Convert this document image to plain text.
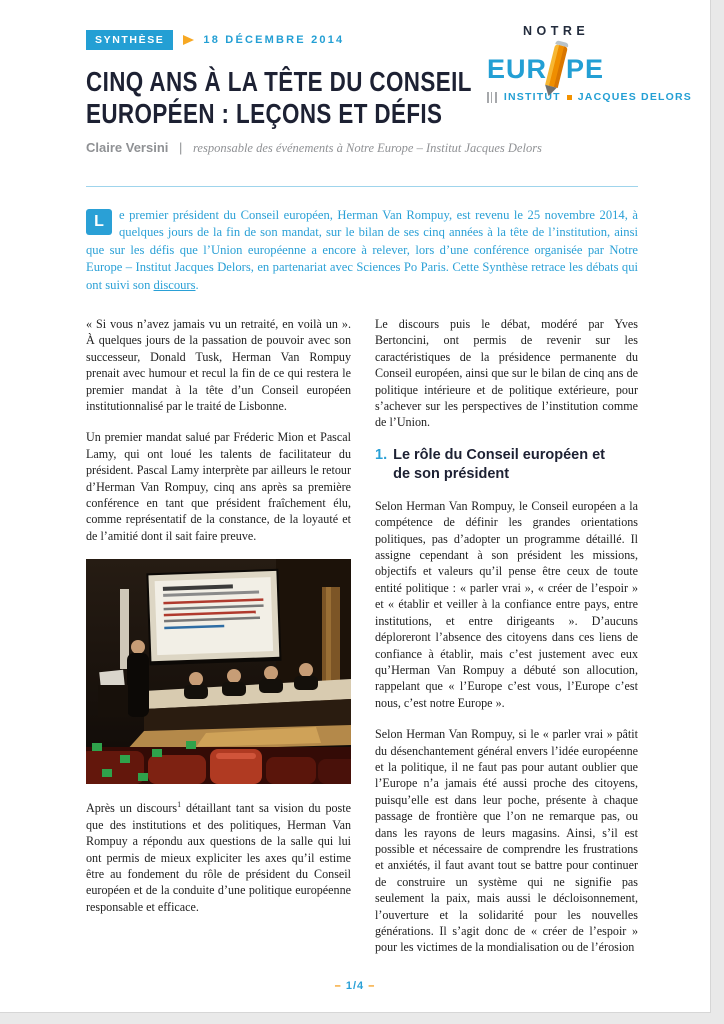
NOTRE
EUR PE
INSTITUT JACQUES DELORS
SYNTHÈSE	18 DÉCEMBRE 2014
CINQ ANS À LA TÊTE DU CONSEIL
EUROPÉEN : LEÇONS ET DÉFIS
Claire Versini | responsable des événements à Notre Europe – Institut Jacques Delors
L	e premier président du Conseil européen, Herman Van Rompuy, est revenu le 25 novembre 2014, à quelques jours de la fin de son mandat, sur le bilan de ses cinq années à la tête de l’institution, ainsi que sur les défis que l’Union européenne a encore à relever, lors d’une conférence organisée par Notre Europe – Institut Jacques Delors, en partenariat avec Sciences Po Paris. Cette Synthèse retrace les débats qui ont suivi son discours.

« Si vous n’avez jamais vu un retraité, en voilà un ». À quelques jours de la passation de pouvoir avec son successeur, Donald Tusk, Herman Van Rompuy prenait avec humour et recul la fin de ce qui restera le premier mandat à la tête d’un Conseil européen institutionnalisé par le traité de Lisbonne.

Un premier mandat salué par Fréderic Mion et Pascal Lamy, qui ont loué les talents de facilitateur du président. Pascal Lamy interprète par ailleurs le retour d’Herman Van Rompuy, cinq ans après sa première conférence en tant que président fraîchement élu, comme représentatif de la constance, de la loyauté et de l’amitié dont il sait faire preuve.

Après un discours$^1$ détaillant tant sa vision du poste que des institutions et des politiques, Herman Van Rompuy a répondu aux questions de la salle qui lui ont permis de mieux expliciter les axes qu’il estime être au fondement du rôle de président du Conseil européen et de la conduite d’une politique européenne responsable et efficace.

Le discours puis le débat, modéré par Yves Bertoncini, ont permis de revenir sur les caractéristiques de la présidence permanente du Conseil européen, ainsi que sur le bilan de cinq ans de politique intérieure et de politique extérieure, pour s’achever sur les perspectives de l’institution comme de l’Union.

1. Le rôle du Conseil européen et de son président

Selon Herman Van Rompuy, le Conseil européen a la compétence de définir les grandes orientations politiques, pas d’adopter un programme détaillé. Il assigne cependant à son président les missions, objectifs et valeurs qu’il pense être ceux de toute entité politique : « parler vrai », « créer de l’espoir » et « établir et veiller à la confiance entre pays, entre institutions, et entre dirigeants ». D’aucuns déploreront l’absence des citoyens dans ces liens de confiance à établir, mais c’est justement avec eux qu’Herman Van Rompuy a débuté son allocution, rappelant que « l’Europe c’est vous, l’Europe c’est nous, c’est notre Europe ».

Selon Herman Van Rompuy, si le « parler vrai » pâtit du désenchantement général envers l’idée européenne et la politique, il ne faut pas pour autant oublier que l’Europe n’a jamais été aussi proche des citoyens, puisqu’elle est dans leur poche, présente à chaque passage de frontière que l’on ne remarque pas, ou dans les rayons de leurs magasins. Ainsi, s’il est possible et nécessaire de comprendre les frustrations et anxiétés, il faut avant tout se battre pour continuer de construire un système qui ne signifie pas seulement la paix, mais aussi le décloisonnement, l’ouverture et la solidarité pour les nouvelles générations. Il s’agit donc de « créer de l’espoir » pour les victimes de la mondialisation ou de l’érosion

– 1/4 –
